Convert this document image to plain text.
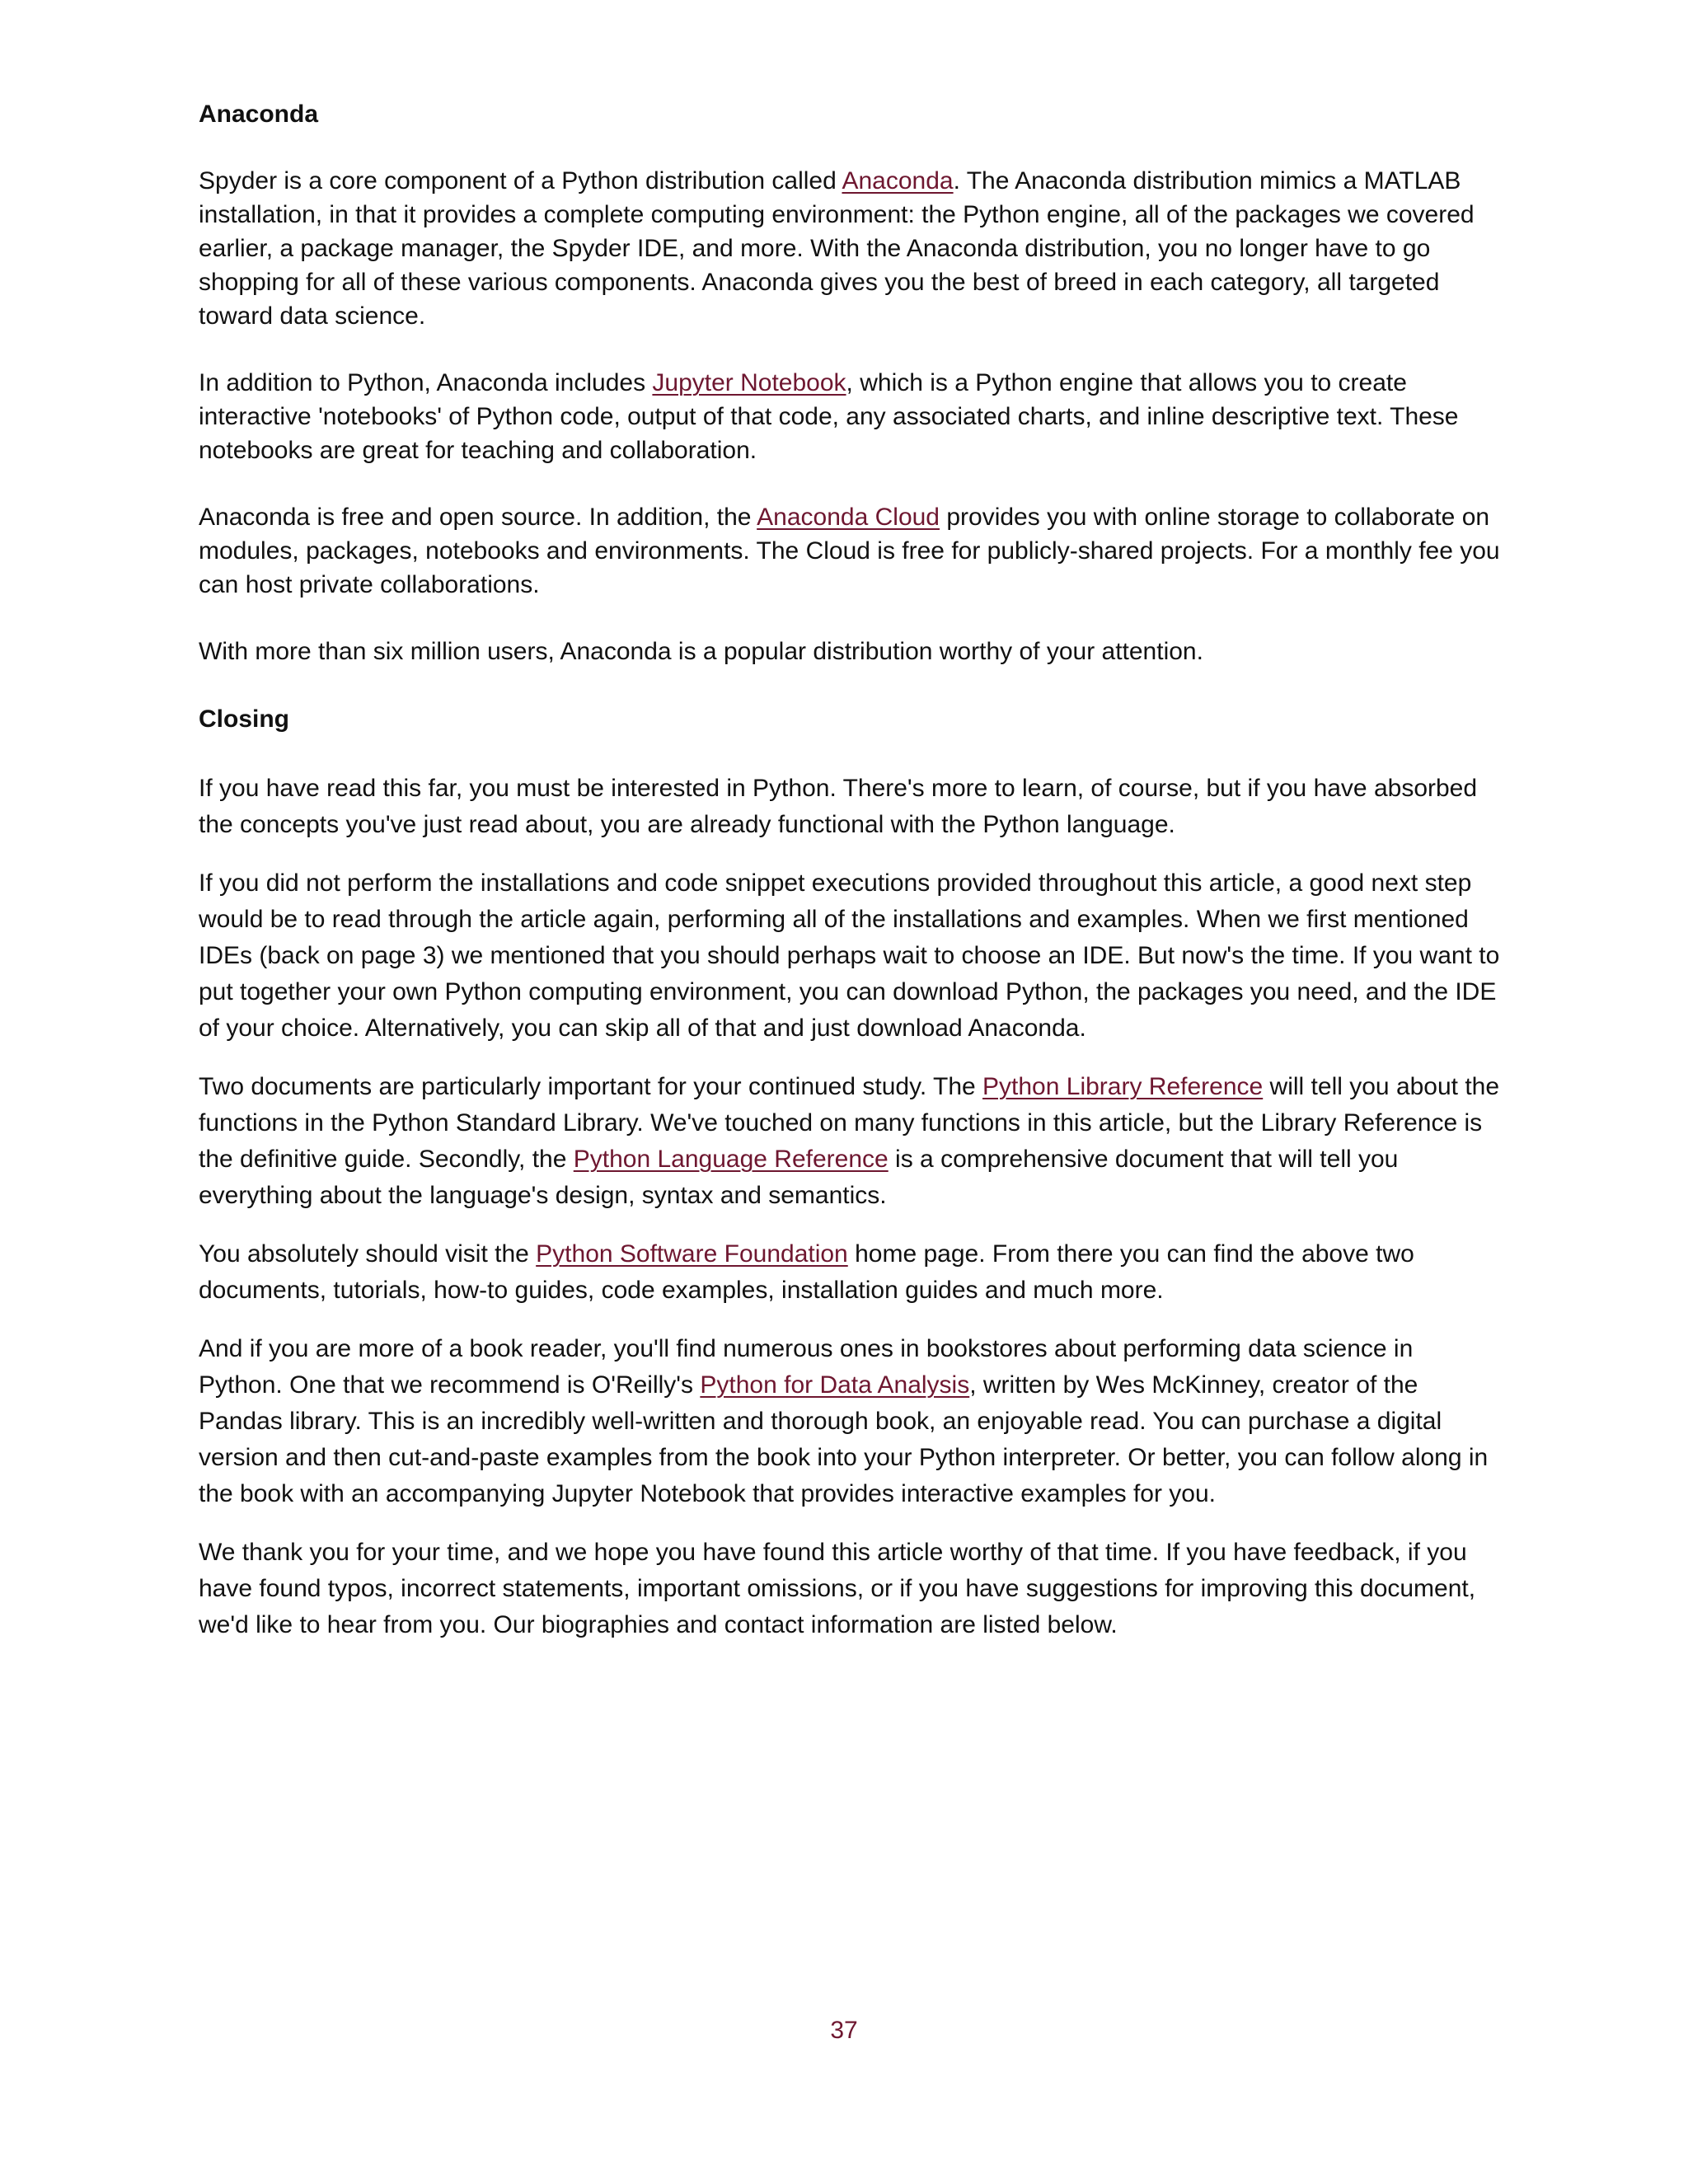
Anaconda

Spyder is a core component of a Python distribution called Anaconda. The Anaconda distribution mimics a MATLAB installation, in that it provides a complete computing environment: the Python engine, all of the packages we covered earlier, a package manager, the Spyder IDE, and more. With the Anaconda distribution, you no longer have to go shopping for all of these various components. Anaconda gives you the best of breed in each category, all targeted toward data science.

In addition to Python, Anaconda includes Jupyter Notebook, which is a Python engine that allows you to create interactive 'notebooks' of Python code, output of that code, any associated charts, and inline descriptive text. These notebooks are great for teaching and collaboration.

Anaconda is free and open source. In addition, the Anaconda Cloud provides you with online storage to collaborate on modules, packages, notebooks and environments. The Cloud is free for publicly-shared projects. For a monthly fee you can host private collaborations.

With more than six million users, Anaconda is a popular distribution worthy of your attention.

Closing

If you have read this far, you must be interested in Python. There's more to learn, of course, but if you have absorbed the concepts you've just read about, you are already functional with the Python language.

If you did not perform the installations and code snippet executions provided throughout this article, a good next step would be to read through the article again, performing all of the installations and examples. When we first mentioned IDEs (back on page 3) we mentioned that you should perhaps wait to choose an IDE. But now's the time. If you want to put together your own Python computing environment, you can download Python, the packages you need, and the IDE of your choice. Alternatively, you can skip all of that and just download Anaconda.

Two documents are particularly important for your continued study. The Python Library Reference will tell you about the functions in the Python Standard Library. We've touched on many functions in this article, but the Library Reference is the definitive guide. Secondly, the Python Language Reference is a comprehensive document that will tell you everything about the language's design, syntax and semantics.

You absolutely should visit the Python Software Foundation home page. From there you can find the above two documents, tutorials, how-to guides, code examples, installation guides and much more.

And if you are more of a book reader, you'll find numerous ones in bookstores about performing data science in Python. One that we recommend is O'Reilly's Python for Data Analysis, written by Wes McKinney, creator of the Pandas library. This is an incredibly well-written and thorough book, an enjoyable read. You can purchase a digital version and then cut-and-paste examples from the book into your Python interpreter. Or better, you can follow along in the book with an accompanying Jupyter Notebook that provides interactive examples for you.

We thank you for your time, and we hope you have found this article worthy of that time. If you have feedback, if you have found typos, incorrect statements, important omissions, or if you have suggestions for improving this document, we'd like to hear from you. Our biographies and contact information are listed below.

37
